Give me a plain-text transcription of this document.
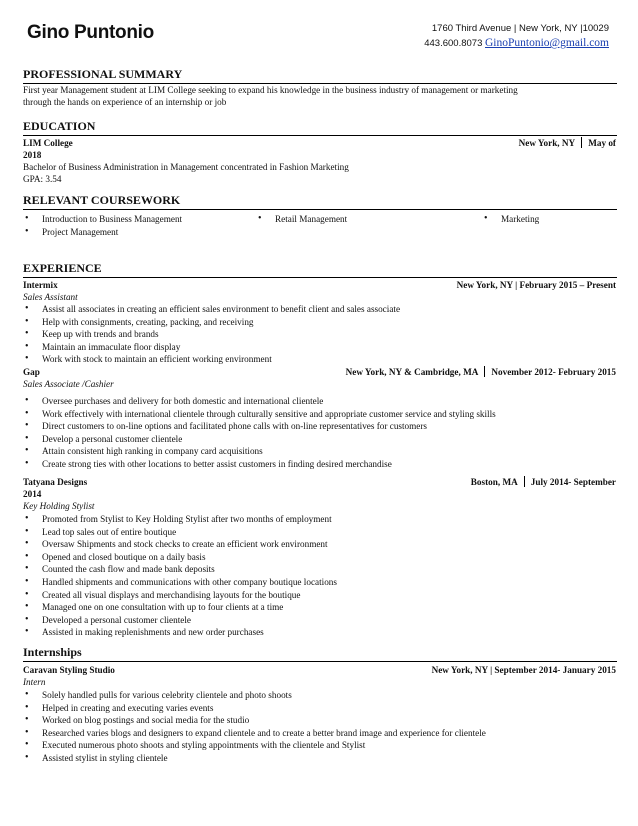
Gino Puntonio	1760 Third Avenue | New York, NY |10029
443.600.8073 GinoPuntonio@gmail.com
PROFESSIONAL SUMMARY
First year Management student at LIM College seeking to expand his knowledge in the business industry of management or marketing
through the hands on experience of an internship or job
EDUCATION
LIM College	New York, NY May of
2018
Bachelor of Business Administration in Management concentrated in Fashion Marketing
GPA: 3.54
RELEVANT COURSEWORK
• Introduction to Business Management
• Project Management
• Retail Management
•	Marketing
EXPERIENCE
Intermix	New York, NY | February 2015 – Present
Sales Assistant
• Assist all associates in creating an efficient sales environment to benefit client and sales associate
• Help with consignments, creating, packing, and receiving
• Keep up with trends and brands
• Maintain an immaculate floor display
• Work with stock to maintain an efficient working environment
Gap	New York, NY & Cambridge, MA November 2012- February 2015
Sales Associate /Cashier
• Oversee purchases and delivery for both domestic and international clientele
• Work effectively with international clientele through culturally sensitive and appropriate customer service and styling skills
• Direct customers to on-line options and facilitated phone calls with on-line representatives for customers
• Develop a personal customer clientele
• Attain consistent high ranking in company card acquisitions
• Create strong ties with other locations to better assist customers in finding desired merchandise
Tatyana Designs	Boston, MA July 2014- September
2014
Key Holding Stylist
• Promoted from Stylist to Key Holding Stylist after two months of employment
• Lead top sales out of entire boutique
• Oversaw Shipments and stock checks to create an efficient work environment
• Opened and closed boutique on a daily basis
• Counted the cash flow and made bank deposits
• Handled shipments and communications with other company boutique locations
• Created all visual displays and merchandising layouts for the boutique
• Managed one on one consultation with up to four clients at a time
• Developed a personal customer clientele
• Assisted in making replenishments and new order purchases
Internships
Caravan Styling Studio	New York, NY | September 2014- January 2015
Intern
• Solely handled pulls for various celebrity clientele and photo shoots
• Helped in creating and executing varies events
• Worked on blog postings and social media for the studio
• Researched varies blogs and designers to expand clientele and to create a better brand image and experience for clientele
• Executed numerous photo shoots and styling appointments with the clientele and Stylist
• Assisted stylist in styling clientele
